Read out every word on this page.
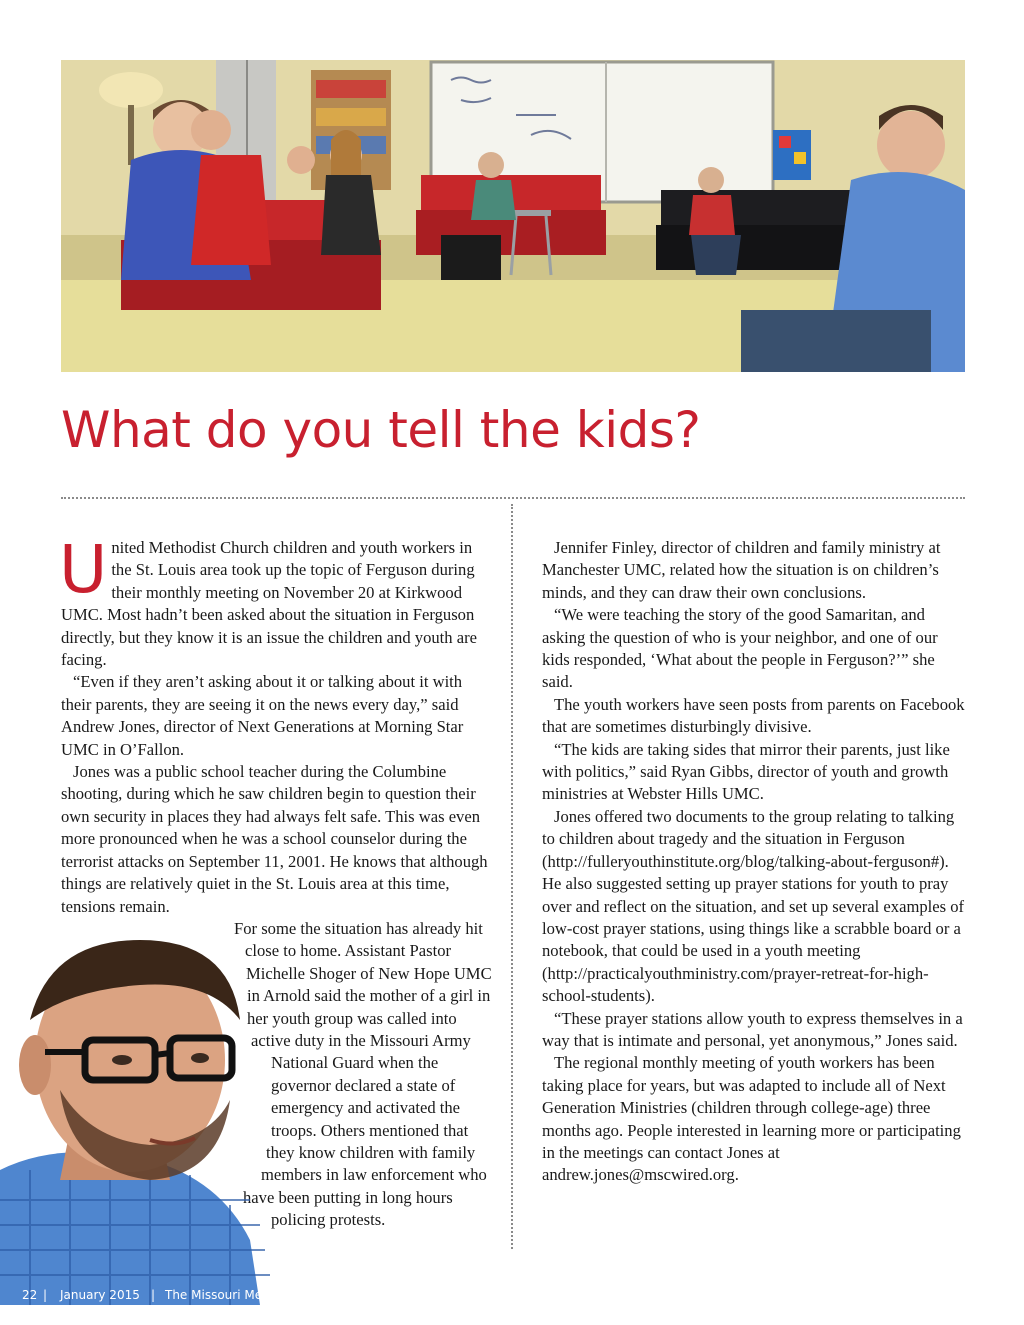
What do you tell the kids?

United Methodist Church children and youth workers in the St. Louis area took up the topic of Ferguson during their monthly meeting on November 20 at Kirkwood UMC. Most hadn’t been asked about the situation in Ferguson directly, but they know it is an issue the children and youth are facing.

“Even if they aren’t asking about it or talking about it with their parents, they are seeing it on the news every day,” said Andrew Jones, director of Next Generations at Morning Star UMC in O’Fallon.

Jones was a public school teacher during the Columbine shooting, during which he saw children begin to question their own security in places they had always felt safe. This was even more pronounced when he was a school counselor during the terrorist attacks on September 11, 2001. He knows that although things are relatively quiet in the St. Louis area at this time, tensions remain.

For some the situation has already hit close to home. Assistant Pastor Michelle Shoger of New Hope UMC in Arnold said the mother of a girl in her youth group was called into active duty in the Missouri Army National Guard when the governor declared a state of emergency and activated the troops. Others mentioned that they know children with family members in law enforcement who have been putting in long hours policing protests.

Jennifer Finley, director of children and family ministry at Manchester UMC, related how the situation is on children’s minds, and they can draw their own conclusions.

“We were teaching the story of the good Samaritan, and asking the question of who is your neighbor, and one of our kids responded, ‘What about the people in Ferguson?’” she said.

The youth workers have seen posts from parents on Facebook that are sometimes disturbingly divisive.

“The kids are taking sides that mirror their parents, just like with politics,” said Ryan Gibbs, director of youth and growth ministries at Webster Hills UMC.

Jones offered two documents to the group relating to talking to children about tragedy and the situation in Ferguson (http://fulleryouthinstitute.org/blog/talking-about-ferguson#). He also suggested setting up prayer stations for youth to pray over and reflect on the situation, and set up several examples of low-cost prayer stations, using things like a scrabble board or a notebook, that could be used in a youth meeting (http://practicalyouthministry.com/prayer-retreat-for-high-school-students).

“These prayer stations allow youth to express themselves in a way that is intimate and personal, yet anonymous,” Jones said.

The regional monthly meeting of youth workers has been taking place for years, but was adapted to include all of Next Generation Ministries (children through college-age) three months ago. People interested in learning more or participating in the meetings can contact Jones at andrew.jones@mscwired.org.

22 | January 2015 | The Missouri Methodis
